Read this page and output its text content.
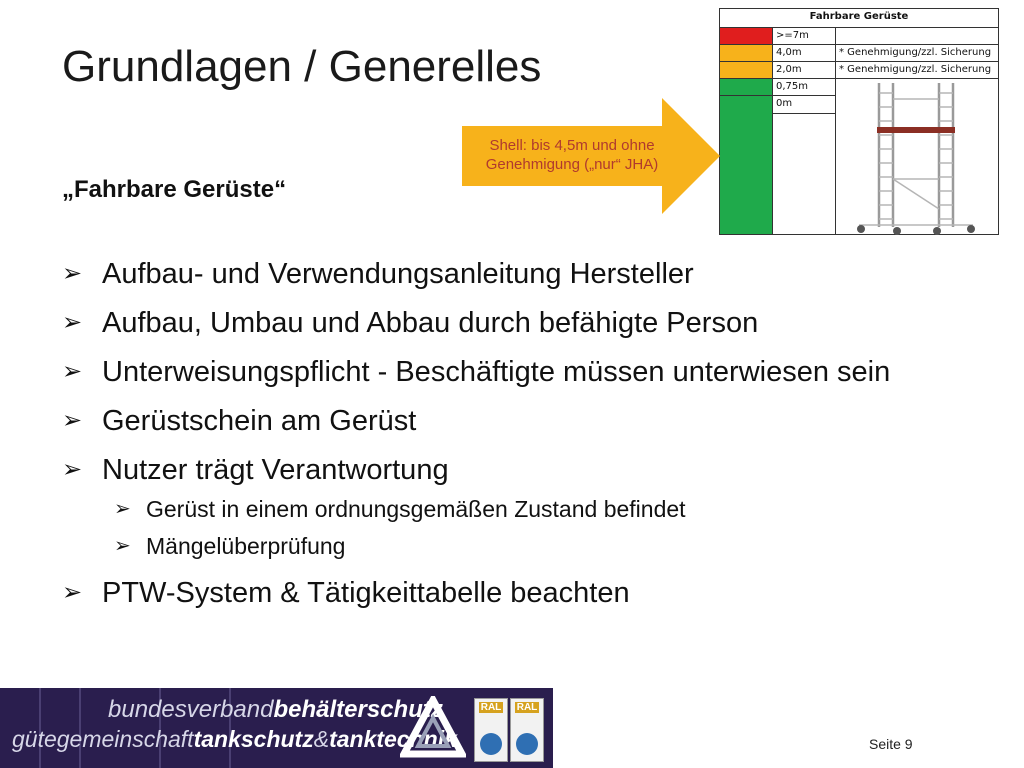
Grundlagen / Generelles
Fahrbare Gerüste		
	>=7m	
	4,0m	* Genehmigung/zzl. Sicherung
	2,0m	* Genehmigung/zzl. Sicherung
	0,75m	

	0m	

Shell: bis 4,5m und ohne
Genehmigung („nur“ JHA)
„Fahrbare Gerüste“
➢ Aufbau- und Verwendungsanleitung Hersteller
➢ Aufbau, Umbau und Abbau durch befähigte Person
➢ Unterweisungspflicht - Beschäftigte müssen unterwiesen sein
➢ Gerüstschein am Gerüst
➢ Nutzer trägt Verantwortung
➢ Gerüst in einem ordnungsgemäßen Zustand befindet
➢ Mängelüberprüfung
➢ PTW-System & Tätigkeittabelle beachten
bundesverbandbehälterschutz
gütegemeinschafttankschutz&tanktechnik
RAL RAL
Seite 9
